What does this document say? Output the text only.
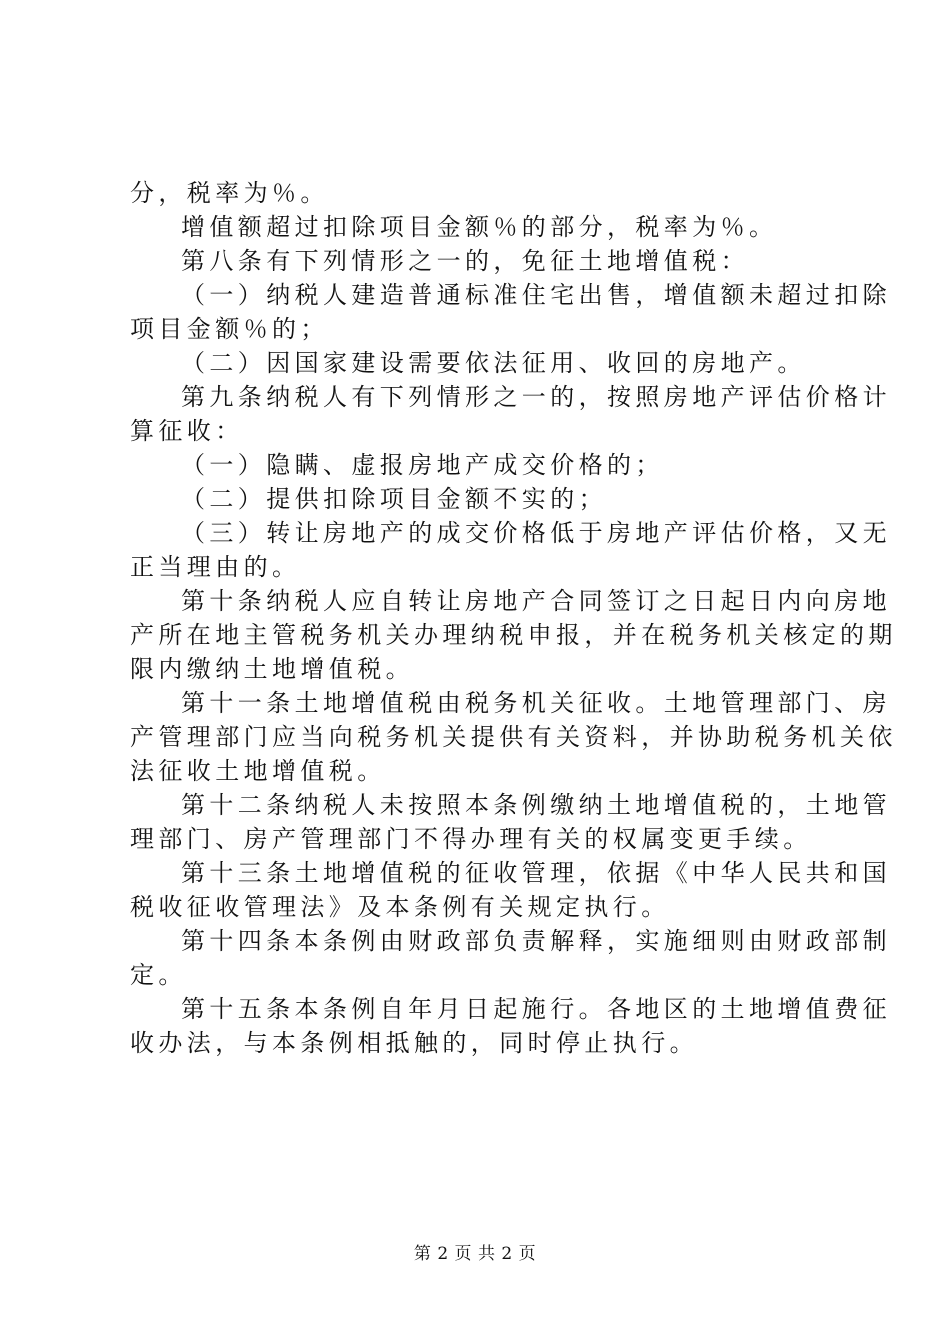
分，税率为％。
增值额超过扣除项目金额％的部分，税率为％。
第八条有下列情形之一的，免征土地增值税：
（一）纳税人建造普通标准住宅出售，增值额未超过扣除
项目金额％的；
（二）因国家建设需要依法征用、收回的房地产。
第九条纳税人有下列情形之一的，按照房地产评估价格计
算征收：
（一）隐瞒、虚报房地产成交价格的；
（二）提供扣除项目金额不实的；
（三）转让房地产的成交价格低于房地产评估价格，又无
正当理由的。
第十条纳税人应自转让房地产合同签订之日起日内向房地
产所在地主管税务机关办理纳税申报，并在税务机关核定的期
限内缴纳土地增值税。
第十一条土地增值税由税务机关征收。土地管理部门、房
产管理部门应当向税务机关提供有关资料，并协助税务机关依
法征收土地增值税。
第十二条纳税人未按照本条例缴纳土地增值税的，土地管
理部门、房产管理部门不得办理有关的权属变更手续。
第十三条土地增值税的征收管理，依据《中华人民共和国
税收征收管理法》及本条例有关规定执行。
第十四条本条例由财政部负责解释，实施细则由财政部制
定。
第十五条本条例自年月日起施行。各地区的土地增值费征
收办法，与本条例相抵触的，同时停止执行。
第 2 页 共 2 页
